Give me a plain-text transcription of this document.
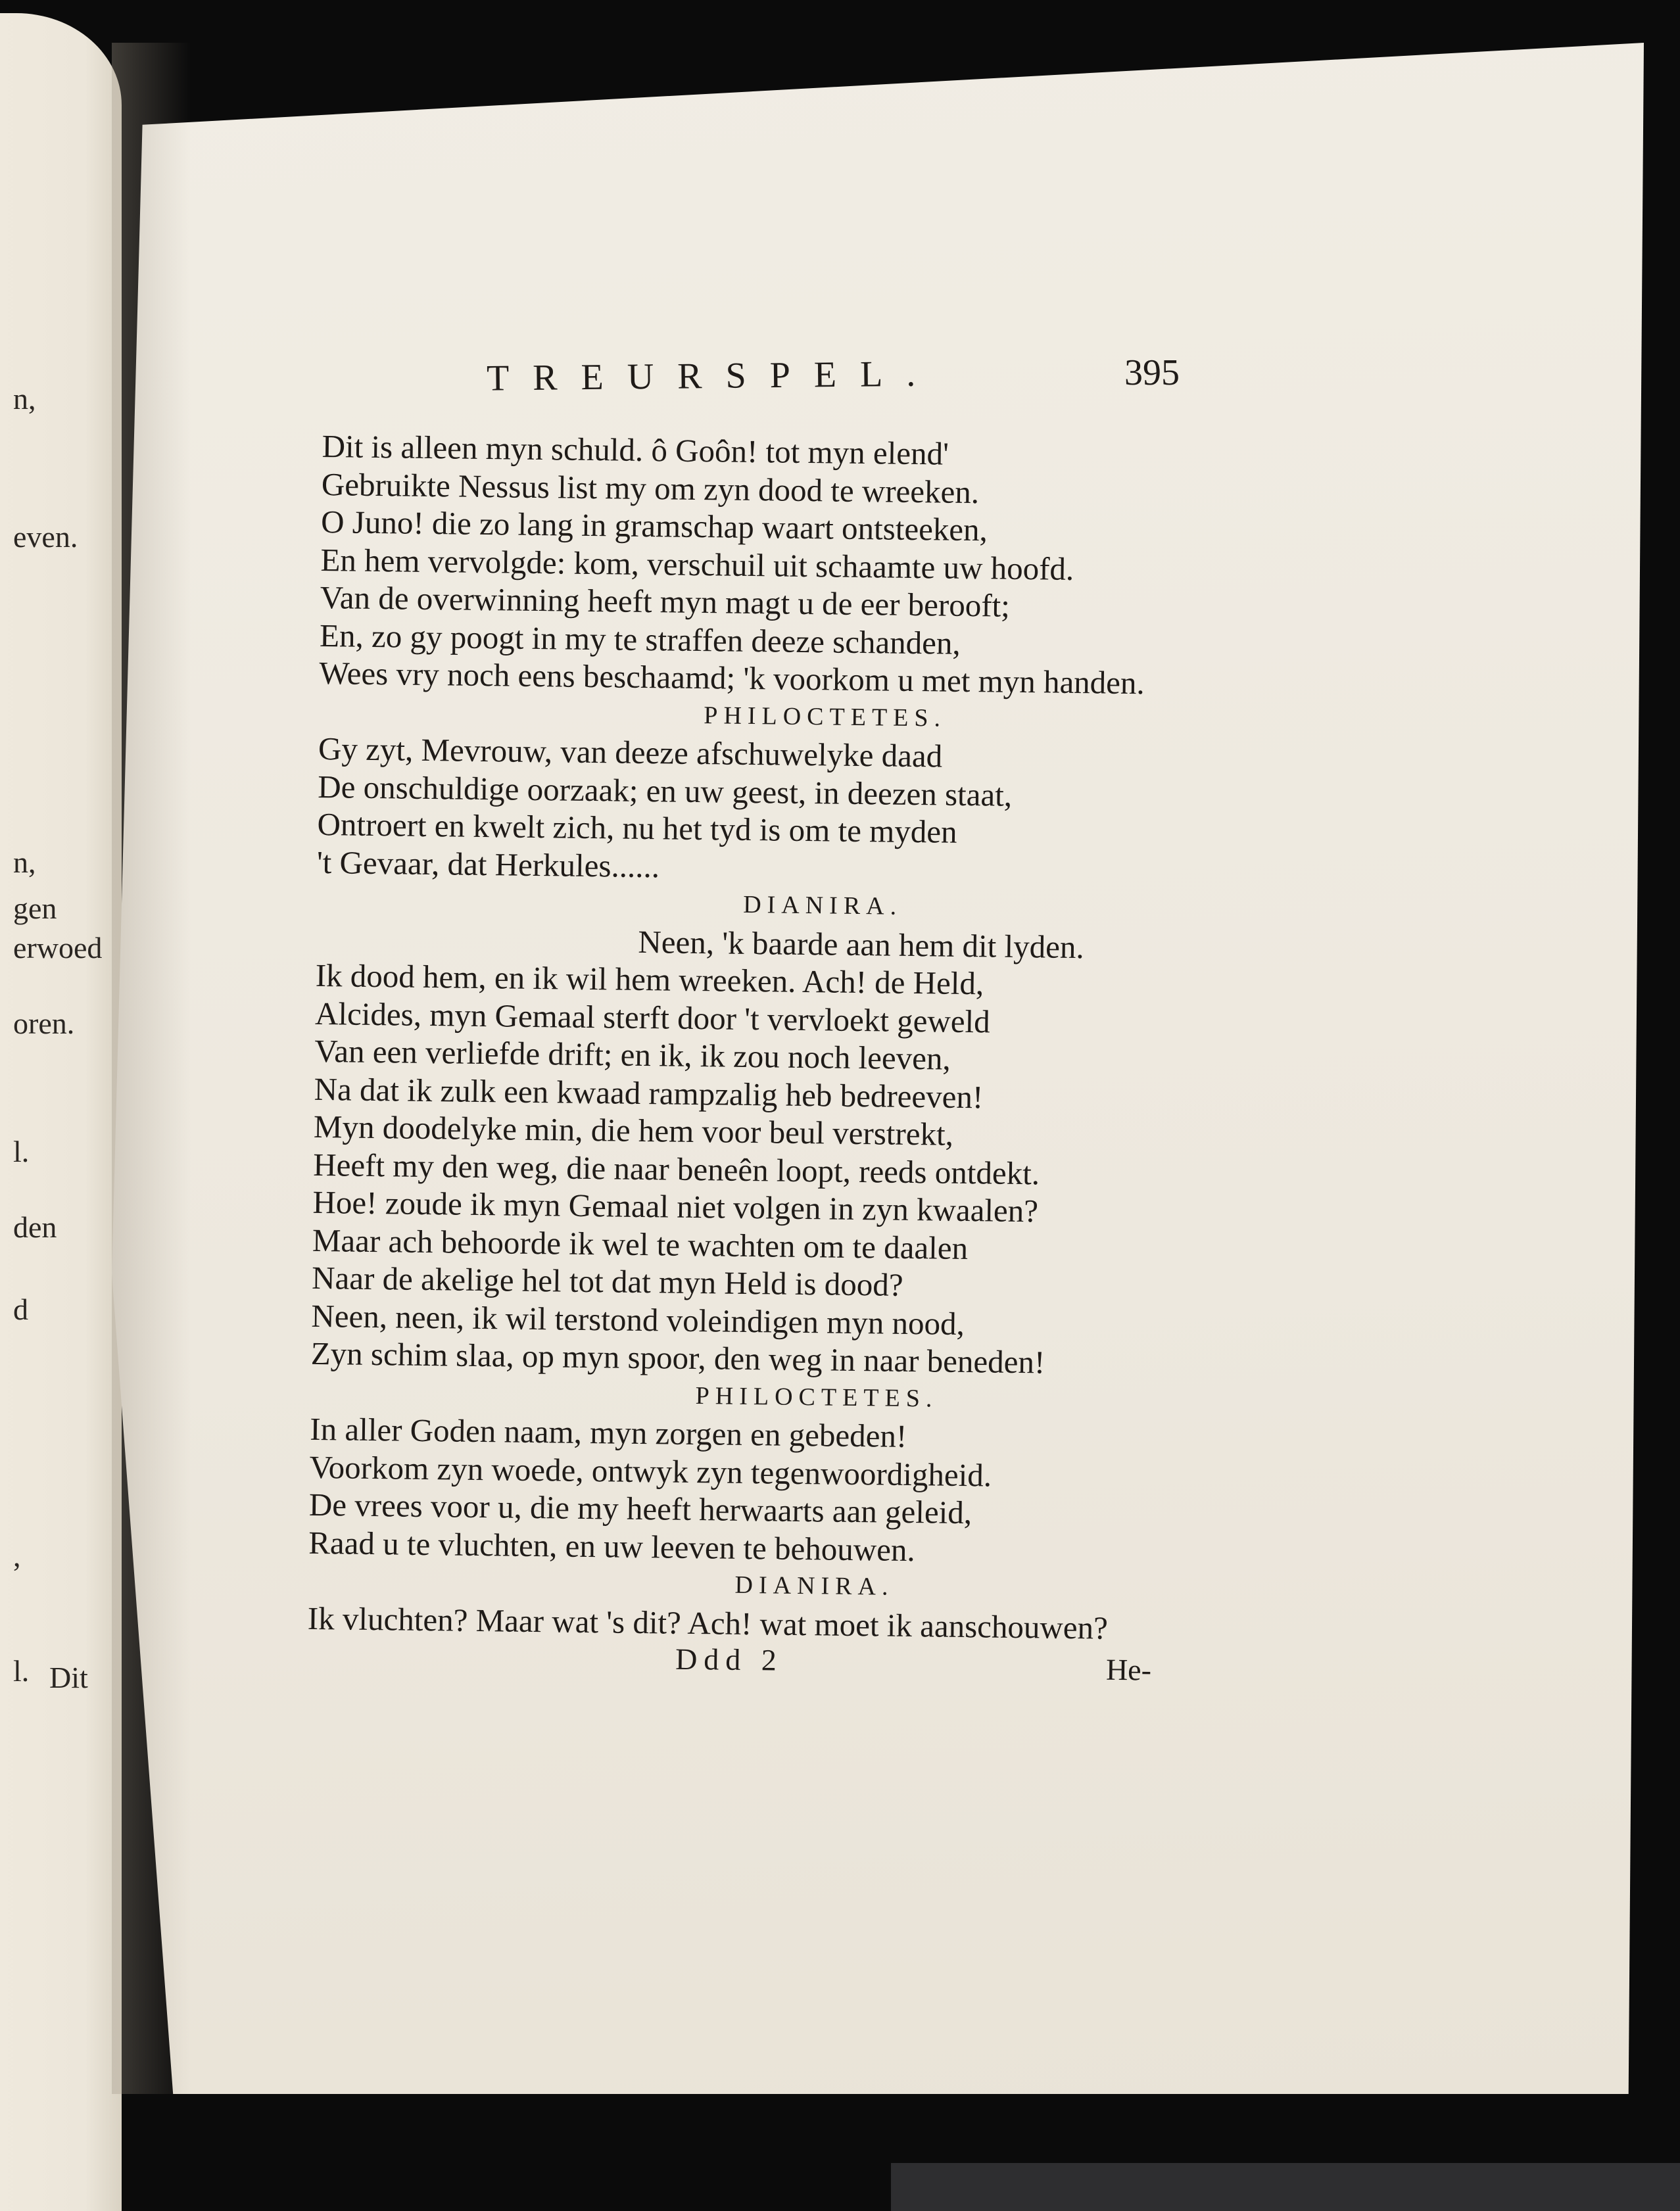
n,
even.
n,
gen
erwoed
oren.
l.
den
d
,
l. Dit
TREURSPEL.	395
Dit is alleen myn schuld. ô Goôn! tot myn elend'
Gebruikte Nessus list my om zyn dood te wreeken.
O Juno! die zo lang in gramschap waart ontsteeken,
En hem vervolgde: kom, verschuil uit schaamte uw hoofd.
Van de overwinning heeft myn magt u de eer berooft;
En, zo gy poogt in my te straffen deeze schanden,
Wees vry noch eens beschaamd; 'k voorkom u met myn handen.
PHILOCTETES.
Gy zyt, Mevrouw, van deeze afschuwelyke daad
De onschuldige oorzaak; en uw geest, in deezen staat,
Ontroert en kwelt zich, nu het tyd is om te myden
't Gevaar, dat Herkules......
DIANIRA.
Neen, 'k baarde aan hem dit lyden.
Ik dood hem, en ik wil hem wreeken. Ach! de Held,
Alcides, myn Gemaal sterft door 't vervloekt geweld
Van een verliefde drift; en ik, ik zou noch leeven,
Na dat ik zulk een kwaad rampzalig heb bedreeven!
Myn doodelyke min, die hem voor beul verstrekt,
Heeft my den weg, die naar beneên loopt, reeds ontdekt.
Hoe! zoude ik myn Gemaal niet volgen in zyn kwaalen?
Maar ach behoorde ik wel te wachten om te daalen
Naar de akelige hel tot dat myn Held is dood?
Neen, neen, ik wil terstond voleindigen myn nood,
Zyn schim slaa, op myn spoor, den weg in naar beneden!
PHILOCTETES.
In aller Goden naam, myn zorgen en gebeden!
Voorkom zyn woede, ontwyk zyn tegenwoordigheid.
De vrees voor u, die my heeft herwaarts aan geleid,
Raad u te vluchten, en uw leeven te behouwen.
DIANIRA.
Ik vluchten? Maar wat 's dit? Ach! wat moet ik aanschouwen?
Ddd 2	He-
